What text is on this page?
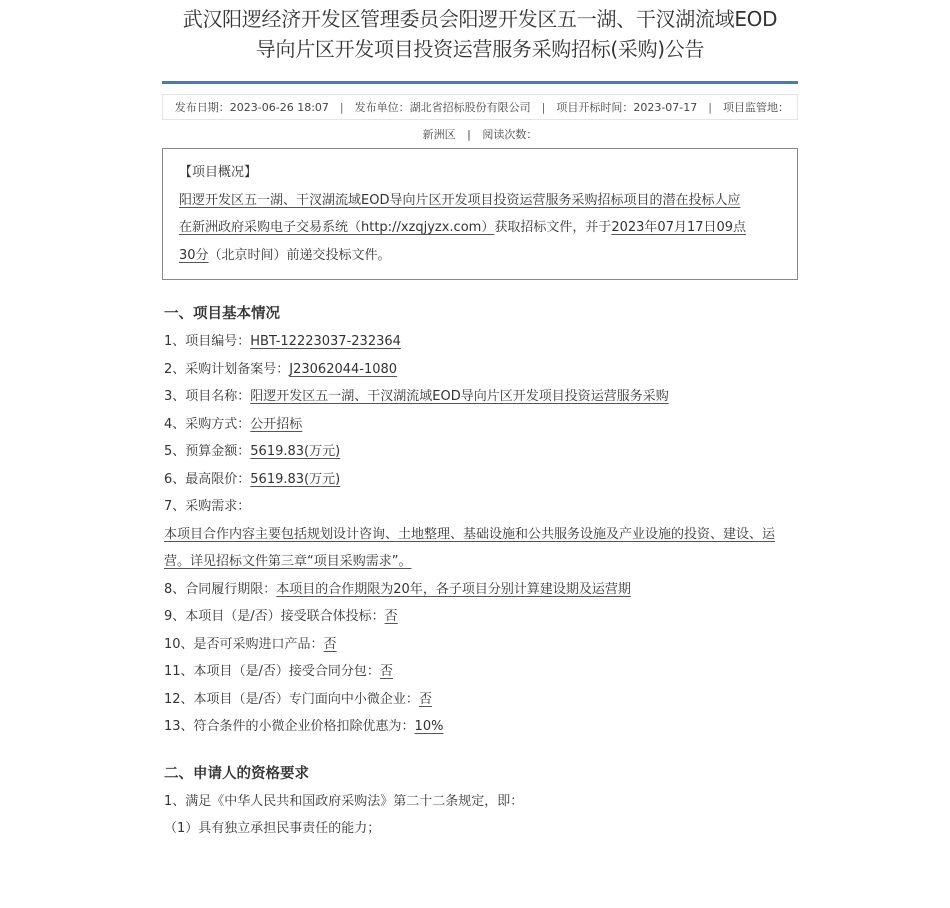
武汉阳逻经济开发区管理委员会阳逻开发区五一湖、干汊湖流域EOD
导向片区开发项目投资运营服务采购招标(采购)公告
发布日期： 2023-06-26 18:07 | 发布单位： 湖北省招标股份有限公司 | 项目开标时间： 2023-07-17 | 项目监管地：
新洲区 | 阅读次数：
【项目概况】
阳逻开发区五一湖、干汊湖流域EOD导向片区开发项目投资运营服务采购招标项目的潜在投标人应
在新洲政府采购电子交易系统（http://xzqjyzx.com）获取招标文件，并于2023年07月17日09点
30分（北京时间）前递交投标文件。
一、项目基本情况
1、项目编号：HBT-12223037-232364
2、采购计划备案号：J23062044-1080
3、项目名称：阳逻开发区五一湖、干汊湖流域EOD导向片区开发项目投资运营服务采购
4、采购方式：公开招标
5、预算金额：5619.83(万元)
6、最高限价：5619.83(万元)
7、采购需求：
本项目合作内容主要包括规划设计咨询、土地整理、基础设施和公共服务设施及产业设施的投资、建设、运营。详见招标文件第三章“项目采购需求”。
8、合同履行期限：本项目的合作期限为20年，各子项目分别计算建设期及运营期
9、本项目（是/否）接受联合体投标：否
10、是否可采购进口产品：否
11、本项目（是/否）接受合同分包：否
12、本项目（是/否）专门面向中小微企业：否
13、符合条件的小微企业价格扣除优惠为：10%
二、申请人的资格要求
1、满足《中华人民共和国政府采购法》第二十二条规定，即：
（1）具有独立承担民事责任的能力；
